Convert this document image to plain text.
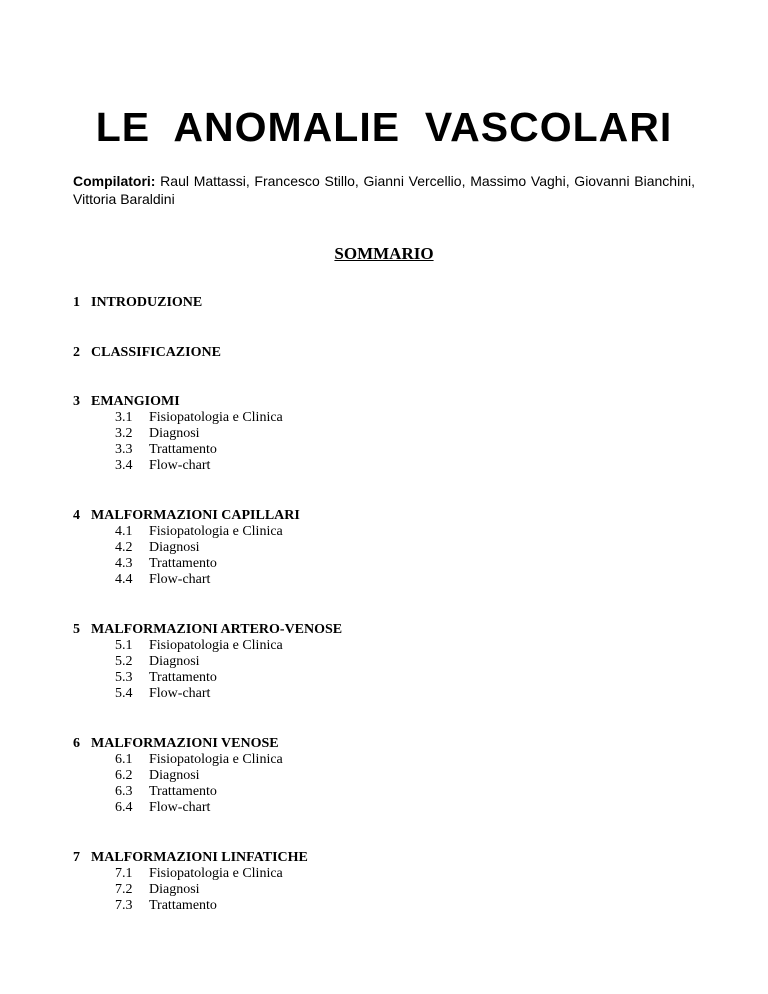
LE  ANOMALIE  VASCOLARI
Compilatori: Raul Mattassi, Francesco Stillo, Gianni Vercellio, Massimo Vaghi, Giovanni Bianchini, Vittoria Baraldini
SOMMARIO
1 INTRODUZIONE
2 CLASSIFICAZIONE
3 EMANGIOMI
3.1 Fisiopatologia e Clinica
3.2 Diagnosi
3.3 Trattamento
3.4 Flow-chart
4 MALFORMAZIONI CAPILLARI
4.1 Fisiopatologia e Clinica
4.2 Diagnosi
4.3 Trattamento
4.4 Flow-chart
5 MALFORMAZIONI ARTERO-VENOSE
5.1 Fisiopatologia e Clinica
5.2 Diagnosi
5.3 Trattamento
5.4 Flow-chart
6 MALFORMAZIONI VENOSE
6.1 Fisiopatologia e Clinica
6.2 Diagnosi
6.3 Trattamento
6.4 Flow-chart
7 MALFORMAZIONI LINFATICHE
7.1 Fisiopatologia e Clinica
7.2 Diagnosi
7.3 Trattamento
